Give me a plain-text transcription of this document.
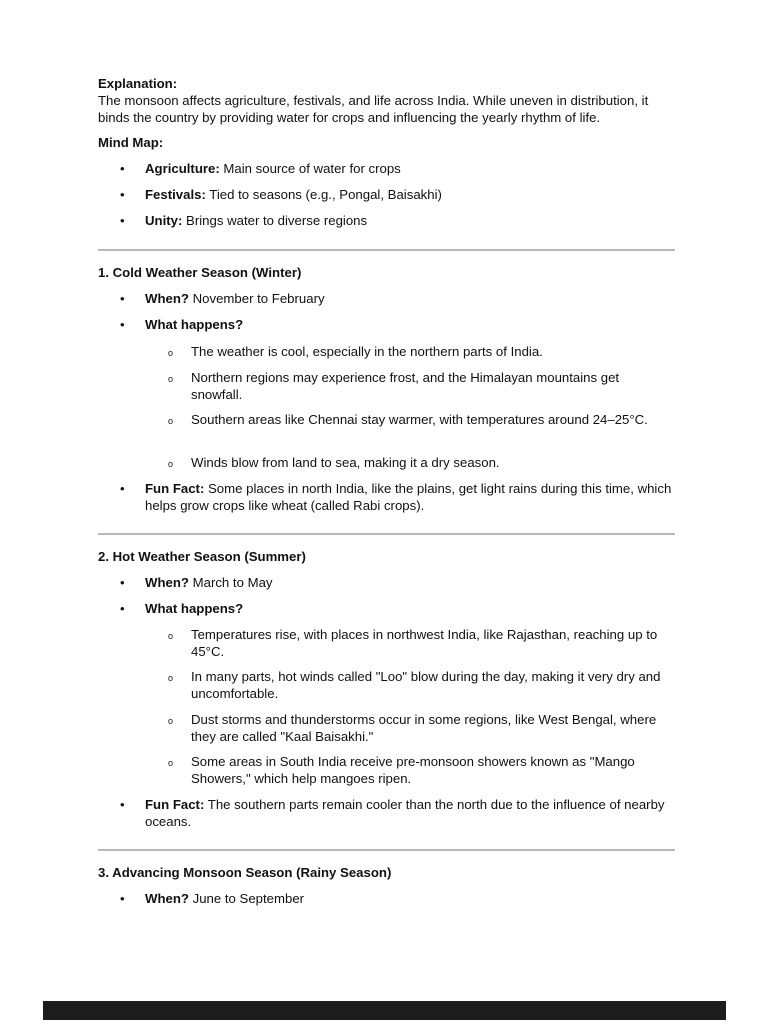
Explanation:
The monsoon affects agriculture, festivals, and life across India. While uneven in distribution, it binds the country by providing water for crops and influencing the yearly rhythm of life.
Mind Map:
•	Agriculture: Main source of water for crops
•	Festivals: Tied to seasons (e.g., Pongal, Baisakhi)
•	Unity: Brings water to diverse regions
1. Cold Weather Season (Winter)
•	When? November to February
•	What happens?
o The weather is cool, especially in the northern parts of India.
o Northern regions may experience frost, and the Himalayan mountains get snowfall.
o Southern areas like Chennai stay warmer, with temperatures around 24–25°C.
o Winds blow from land to sea, making it a dry season.
•	Fun Fact: Some places in north India, like the plains, get light rains during this time, which helps grow crops like wheat (called Rabi crops).
2. Hot Weather Season (Summer)
•	When? March to May
•	What happens?
o Temperatures rise, with places in northwest India, like Rajasthan, reaching up to 45°C.
o In many parts, hot winds called "Loo" blow during the day, making it very dry and uncomfortable.
o Dust storms and thunderstorms occur in some regions, like West Bengal, where they are called "Kaal Baisakhi."
o Some areas in South India receive pre-monsoon showers known as "Mango Showers," which help mangoes ripen.
•	Fun Fact: The southern parts remain cooler than the north due to the influence of nearby oceans.
3. Advancing Monsoon Season (Rainy Season)
•	When? June to September
